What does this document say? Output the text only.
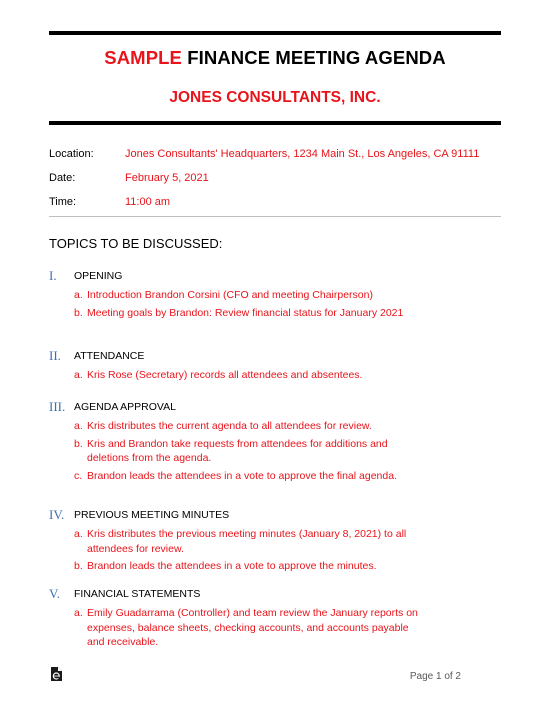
SAMPLE FINANCE MEETING AGENDA
JONES CONSULTANTS, INC.
Location:	Jones Consultants' Headquarters, 1234 Main St., Los Angeles, CA 91111
Date:	February 5, 2021
Time:	11:00 am
TOPICS TO BE DISCUSSED:
I. OPENING
a. Introduction Brandon Corsini (CFO and meeting Chairperson)
b. Meeting goals by Brandon: Review financial status for January 2021
II. ATTENDANCE
a. Kris Rose (Secretary) records all attendees and absentees.
III. AGENDA APPROVAL
a. Kris distributes the current agenda to all attendees for review.
b. Kris and Brandon take requests from attendees for additions and deletions from the agenda.
c. Brandon leads the attendees in a vote to approve the final agenda.
IV. PREVIOUS MEETING MINUTES
a. Kris distributes the previous meeting minutes (January 8, 2021) to all attendees for review.
b. Brandon leads the attendees in a vote to approve the minutes.
V. FINANCIAL STATEMENTS
a. Emily Guadarrama (Controller) and team review the January reports on expenses, balance sheets, checking accounts, and accounts payable and receivable.
Page 1 of 2
